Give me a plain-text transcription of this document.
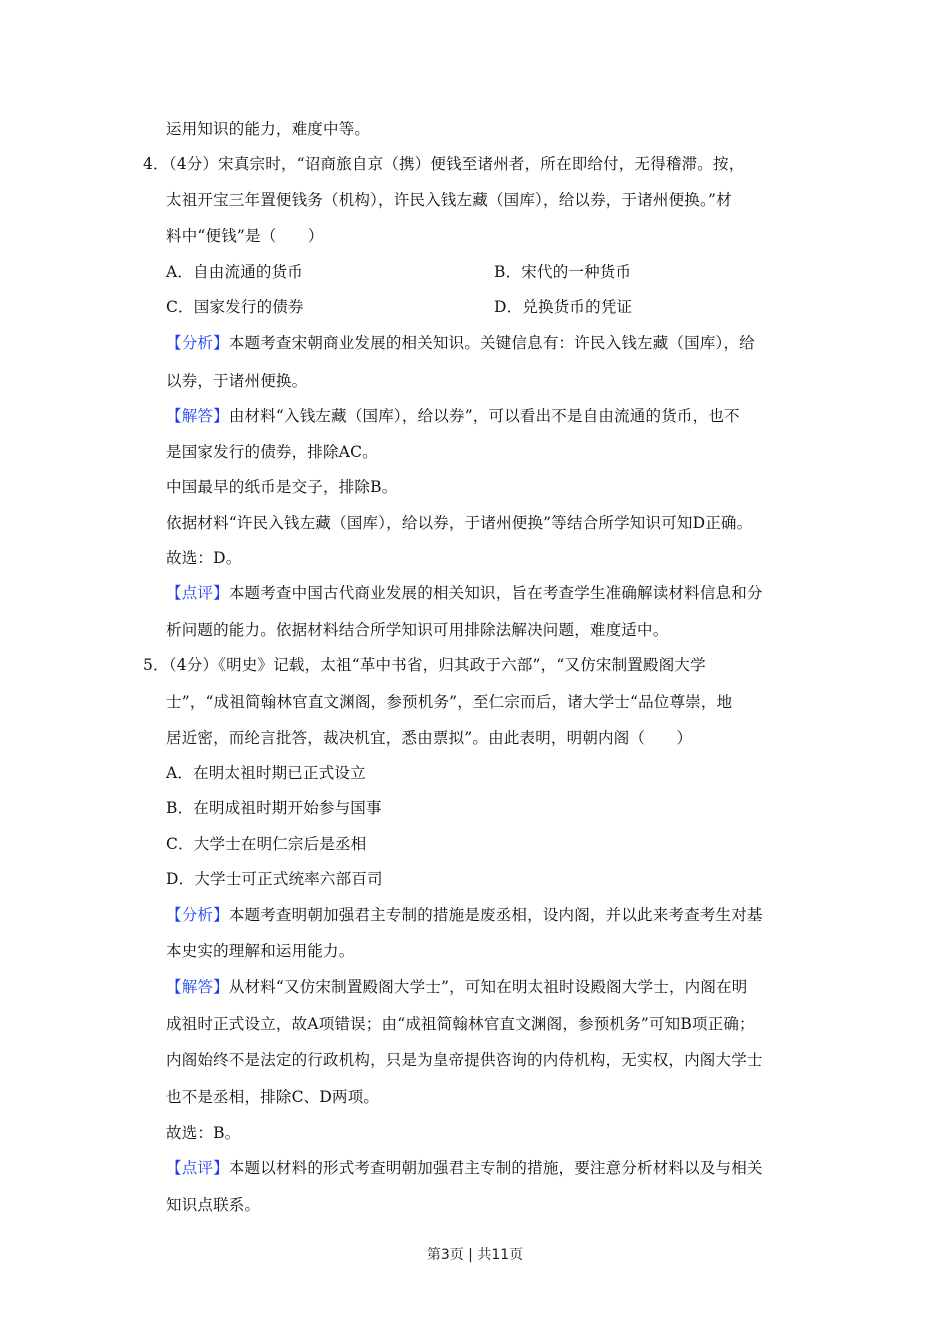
运用知识的能力，难度中等。
4．（4分）宋真宗时，“诏商旅自京（携）便钱至诸州者，所在即给付，无得稽滞。按，
太祖开宝三年置便钱务（机构），许民入钱左藏（国库），给以券，于诸州便换。”材
料中“便钱”是（　　）
A．自由流通的货币	B．宋代的一种货币
C．国家发行的债券	D．兑换货币的凭证
【分析】本题考查宋朝商业发展的相关知识。关键信息有：许民入钱左藏（国库），给
以券，于诸州便换。
【解答】由材料“入钱左藏（国库），给以券”，可以看出不是自由流通的货币，也不
是国家发行的债券，排除AC。
中国最早的纸币是交子，排除B。
依据材料“许民入钱左藏（国库），给以券，于诸州便换”等结合所学知识可知D正确。
故选：D。
【点评】本题考查中国古代商业发展的相关知识，旨在考查学生准确解读材料信息和分
析问题的能力。依据材料结合所学知识可用排除法解决问题，难度适中。
5．（4分）《明史》记载，太祖“革中书省，归其政于六部”，“又仿宋制置殿阁大学
士”，“成祖简翰林官直文渊阁，参预机务”，至仁宗而后，诸大学士“品位尊崇，地
居近密，而纶言批答，裁决机宜，悉由票拟”。由此表明，明朝内阁（　　）
A．在明太祖时期已正式设立
B．在明成祖时期开始参与国事
C．大学士在明仁宗后是丞相
D．大学士可正式统率六部百司
【分析】本题考查明朝加强君主专制的措施是废丞相，设内阁，并以此来考查考生对基
本史实的理解和运用能力。
【解答】从材料“又仿宋制置殿阁大学士”，可知在明太祖时设殿阁大学士，内阁在明
成祖时正式设立，故A项错误；由“成祖简翰林官直文渊阁，参预机务”可知B项正确；
内阁始终不是法定的行政机构，只是为皇帝提供咨询的内侍机构，无实权，内阁大学士
也不是丞相，排除C、D两项。
故选：B。
【点评】本题以材料的形式考查明朝加强君主专制的措施，要注意分析材料以及与相关
知识点联系。
第3页 | 共11页
